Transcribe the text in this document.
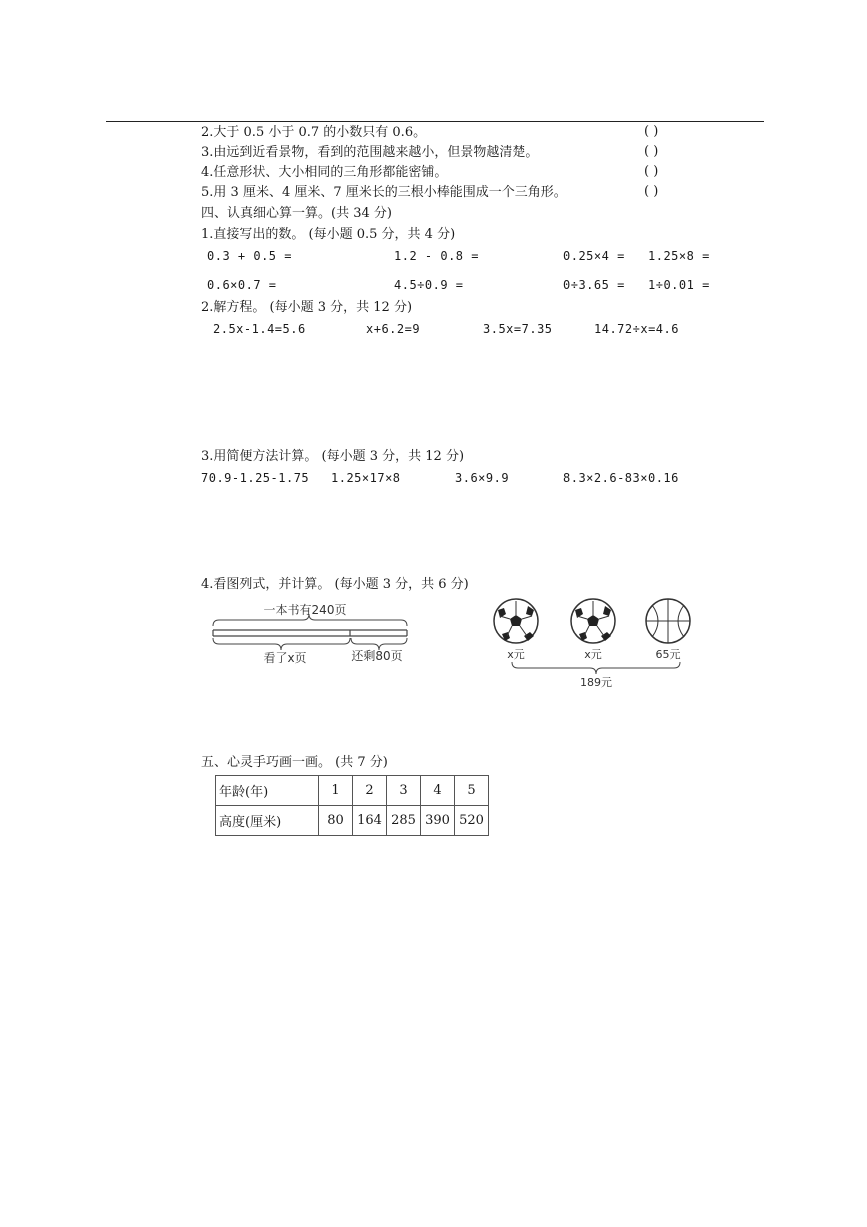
2.大于 0.5 小于 0.7 的小数只有 0.6。	( )
3.由远到近看景物，看到的范围越来越小，但景物越清楚。	( )
4.任意形状、大小相同的三角形都能密铺。	( )
5.用 3 厘米、4 厘米、7 厘米长的三根小棒能围成一个三角形。	( )
四、认真细心算一算。(共 34 分)
1.直接写出的数。 (每小题 0.5 分，共 4 分)
0.3 + 0.5 =	1.2 - 0.8 =	0.25×4 = 1.25×8 =
0.6×0.7 =	4.5÷0.9 =	0÷3.65 = 1÷0.01 =
2.解方程。 (每小题 3 分，共 12 分)
2.5x-1.4=5.6	x+6.2=9	3.5x=7.35	14.72÷x=4.6
3.用简便方法计算。 (每小题 3 分，共 12 分)
70.9-1.25-1.75 1.25×17×8	3.6×9.9	8.3×2.6-83×0.16
4.看图列式，并计算。 (每小题 3 分，共 6 分)
一本书有240页
看了x页	还剩80页	x元	x元	65元
189元
五、心灵手巧画一画。 (共 7 分)
年龄(年)	1	2	3	4	5
高度(厘米)	80	164	285	390	520
